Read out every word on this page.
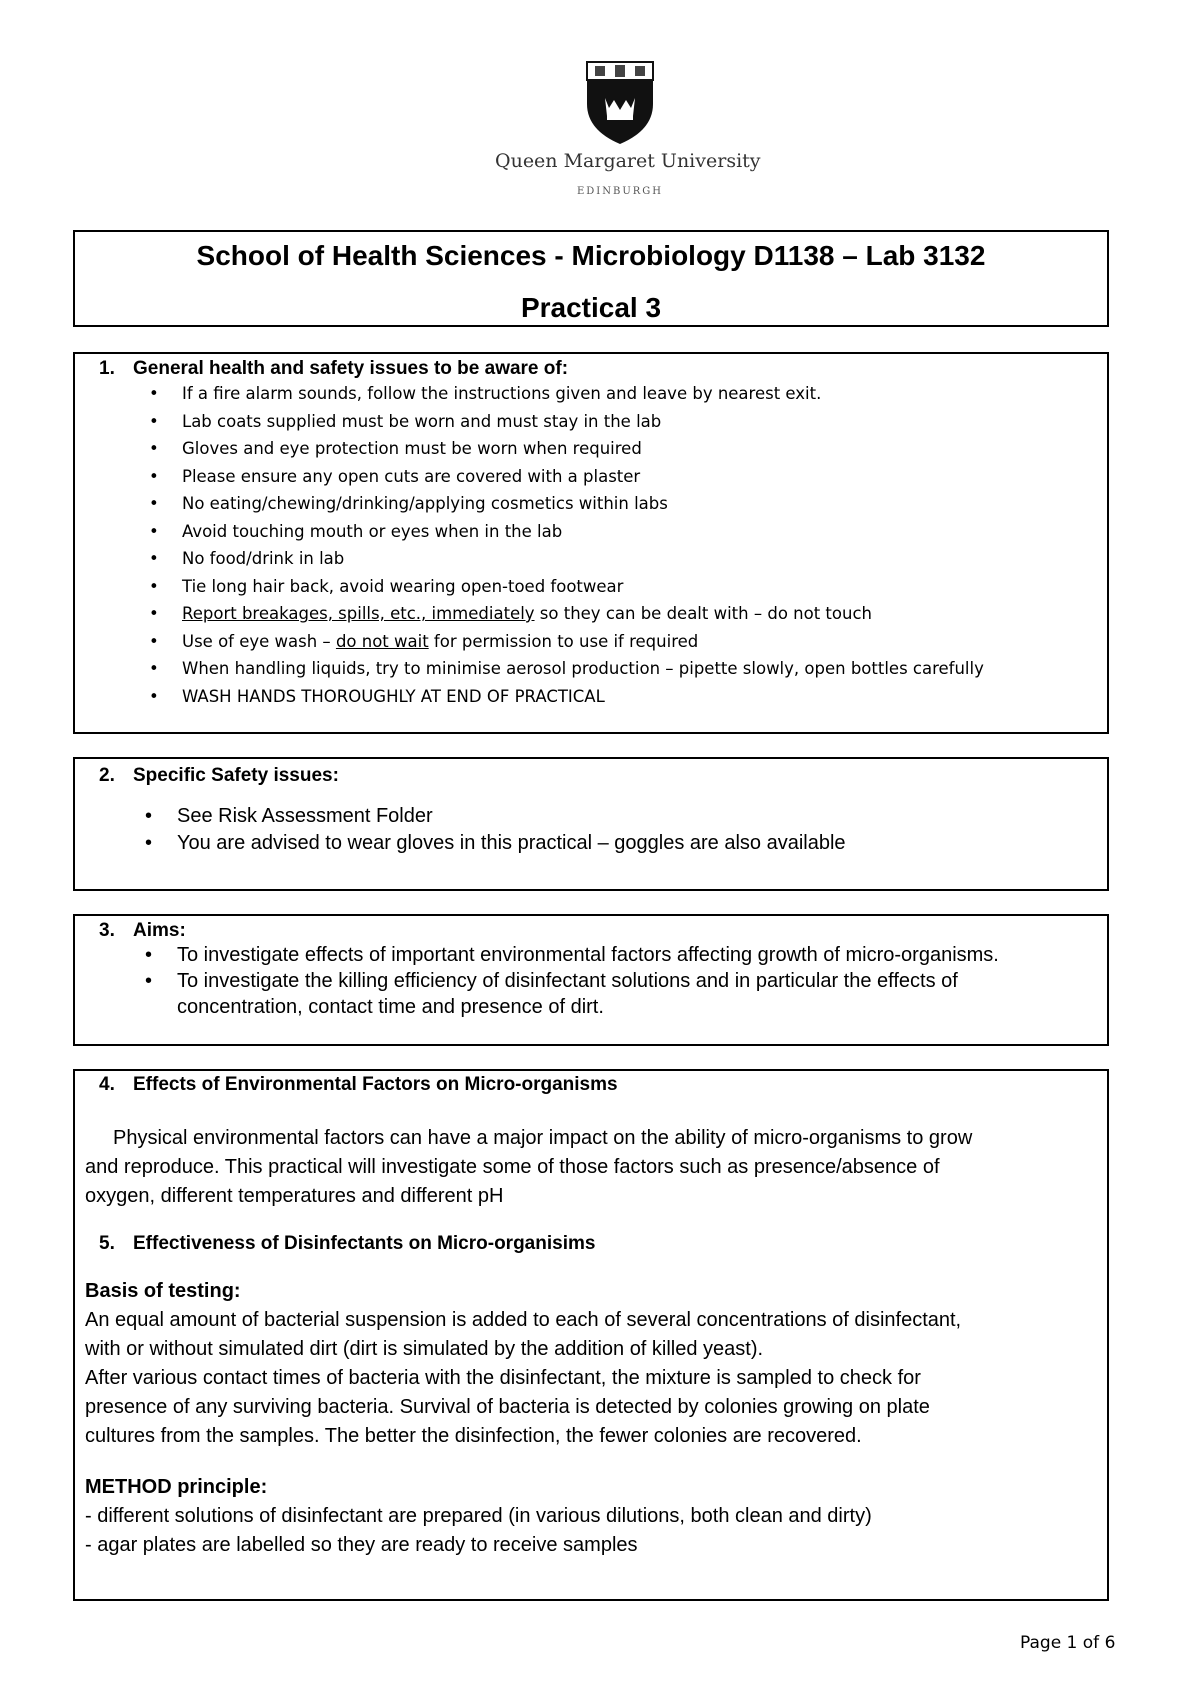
Queen Margaret University
EDINBURGH
School of Health Sciences - Microbiology D1138 – Lab 3132
Practical 3
1. General health and safety issues to be aware of:
• If a fire alarm sounds, follow the instructions given and leave by nearest exit.
• Lab coats supplied must be worn and must stay in the lab
• Gloves and eye protection must be worn when required
• Please ensure any open cuts are covered with a plaster
• No eating/chewing/drinking/applying cosmetics within labs
• Avoid touching mouth or eyes when in the lab
• No food/drink in lab
• Tie long hair back, avoid wearing open-toed footwear
• Report breakages, spills, etc., immediately so they can be dealt with – do not touch
• Use of eye wash – do not wait for permission to use if required
• When handling liquids, try to minimise aerosol production – pipette slowly, open bottles carefully
• WASH HANDS THOROUGHLY AT END OF PRACTICAL
2. Specific Safety issues:
• See Risk Assessment Folder
• You are advised to wear gloves in this practical – goggles are also available
3. Aims:
• To investigate effects of important environmental factors affecting growth of micro-organisms.
• To investigate the killing efficiency of disinfectant solutions and in particular the effects of
concentration, contact time and presence of dirt.
4. Effects of Environmental Factors on Micro-organisms

Physical environmental factors can have a major impact on the ability of micro-organisms to grow
and reproduce. This practical will investigate some of those factors such as presence/absence of
oxygen, different temperatures and different pH

5. Effectiveness of Disinfectants on Micro-organisims

Basis of testing:

An equal amount of bacterial suspension is added to each of several concentrations of disinfectant,
with or without simulated dirt (dirt is simulated by the addition of killed yeast).
After various contact times of bacteria with the disinfectant, the mixture is sampled to check for
presence of any surviving bacteria. Survival of bacteria is detected by colonies growing on plate
cultures from the samples. The better the disinfection, the fewer colonies are recovered.

METHOD principle:

- different solutions of disinfectant are prepared (in various dilutions, both clean and dirty)
- agar plates are labelled so they are ready to receive samples

Page 1 of 6
